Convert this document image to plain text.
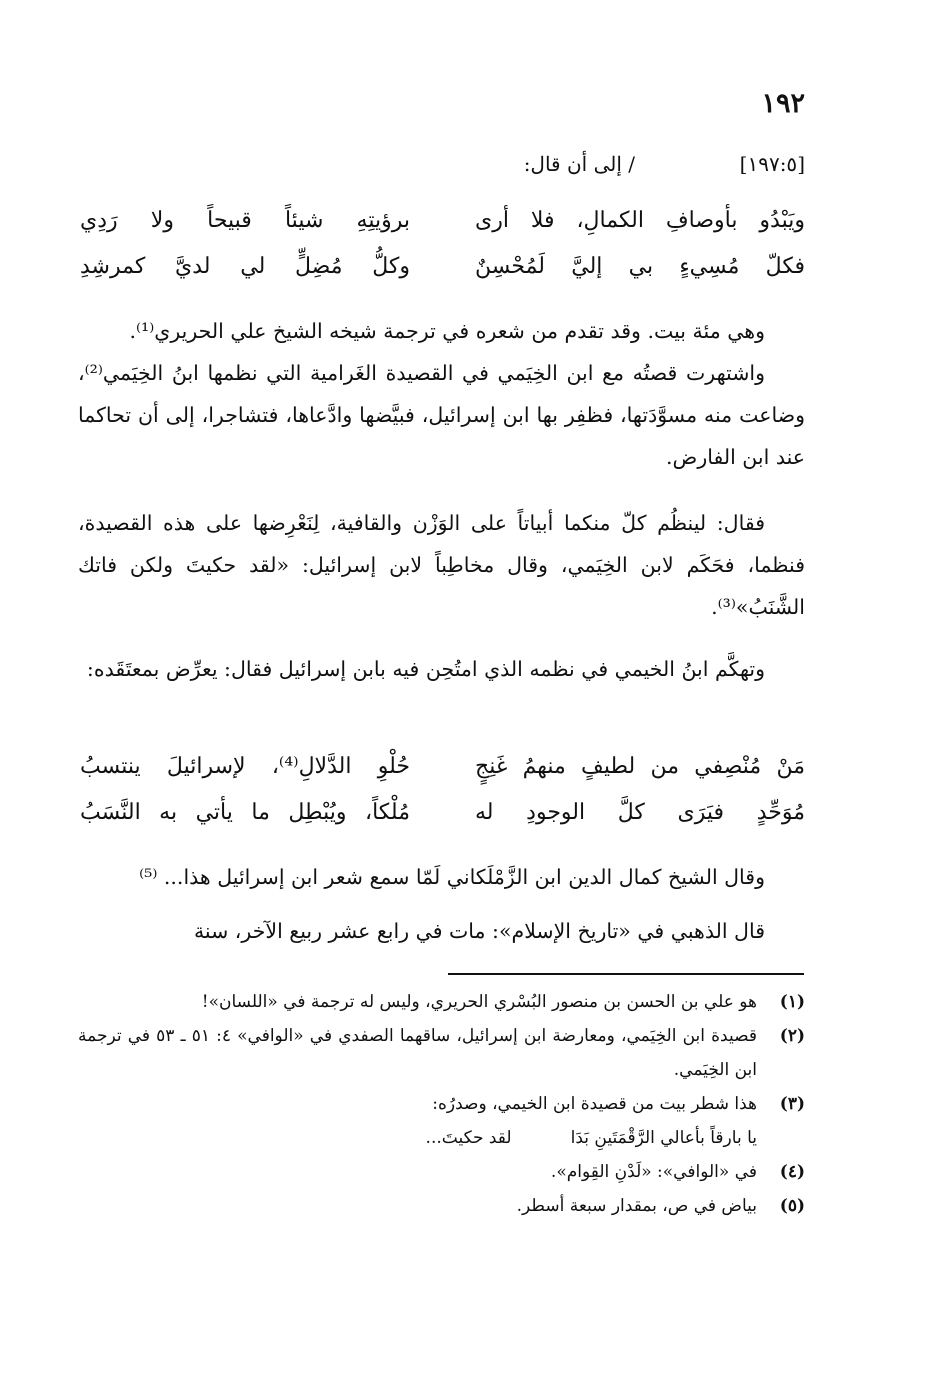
١٩٢
[١٩٧:٥]
/ إلى أن قال:
ويَبْدُو بأوصافِ الكمالِ، فلا أرى
برؤيتِهِ شيئاً قبيحاً ولا رَدِي
فكلّ مُسِيءٍ بي إليَّ لَمُحْسِنٌ
وكلُّ مُضِلٍّ لي لديَّ كمرشِدِ
وهي مئة بيت. وقد تقدم من شعره في ترجمة شيخه الشيخ علي الحريري⁽¹⁾.
واشتهرت قصتُه مع ابن الخِيَمي في القصيدة الغَرامية التي نظمها ابنُ الخِيَمي⁽²⁾، وضاعت منه مسوَّدَتها، فظفِر بها ابن إسرائيل، فبيَّضها وادَّعاها، فتشاجرا، إلى أن تحاكما عند ابن الفارض.
فقال: لينظُم كلّ منكما أبياتاً على الوَزْن والقافية، لِنَعْرِضها على هذه القصيدة، فنظما، فحَكَم لابن الخِيَمي، وقال مخاطِباً لابن إسرائيل: «لقد حكيتَ ولكن فاتك الشَّنَبُ»⁽³⁾.
وتهكَّم ابنُ الخيمي في نظمه الذي امتُحِن فيه بابن إسرائيل فقال: يعرِّض بمعتَقَده:
مَنْ مُنْصِفي من لطيفٍ منهمُ غَنِجٍ
حُلْوِ الدَّلالِ⁽⁴⁾، لإسرائيلَ ينتسبُ
مُوَحِّدٍ فيَرَى كلَّ الوجودِ له
مُلْكاً، ويُبْطِل ما يأتي به النَّسَبُ
وقال الشيخ كمال الدين ابن الزَّمْلَكاني لَمّا سمع شعر ابن إسرائيل هذا... ⁽⁵⁾
قال الذهبي في «تاريخ الإسلام»: مات في رابع عشر ربيع الآخر، سنة
(١)
هو علي بن الحسن بن منصور البُسْري الحريري، وليس له ترجمة في «اللسان»!
(٢)
قصيدة ابن الخِيَمي، ومعارضة ابن إسرائيل، ساقهما الصفدي في «الوافي» ٤: ٥١ ـ ٥٣ في ترجمة ابن الخِيَمي.
(٣)
هذا شطر بيت من قصيدة ابن الخيمي، وصدرُه:
يا بارقاً بأعالي الرَّقْمَتَينِ بَدَا لقد حكيتَ...
(٤)
في «الوافي»: «لَدْنِ القِوام».
(٥)
بياض في ص، بمقدار سبعة أسطر.
